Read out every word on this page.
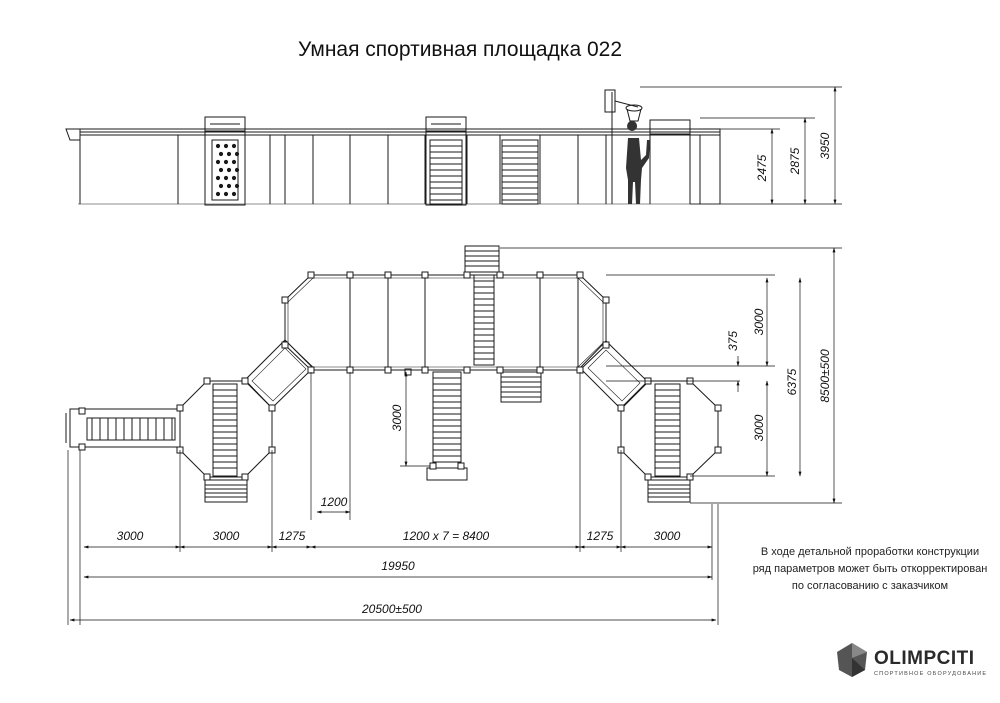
Умная спортивная площадка 022
2475 2875
3950
375
3000
6375 8500±500
3000
3000
1200
3000	3000	1275	1200 x 7 = 8400	1275	3000
19950
20500±500
В ходе детальной проработки конструкции
ряд параметров может быть откорректирован
по согласованию с заказчиком
OLIMPCITI
СПОРТИВНОЕ ОБОРУДОВАНИЕ
